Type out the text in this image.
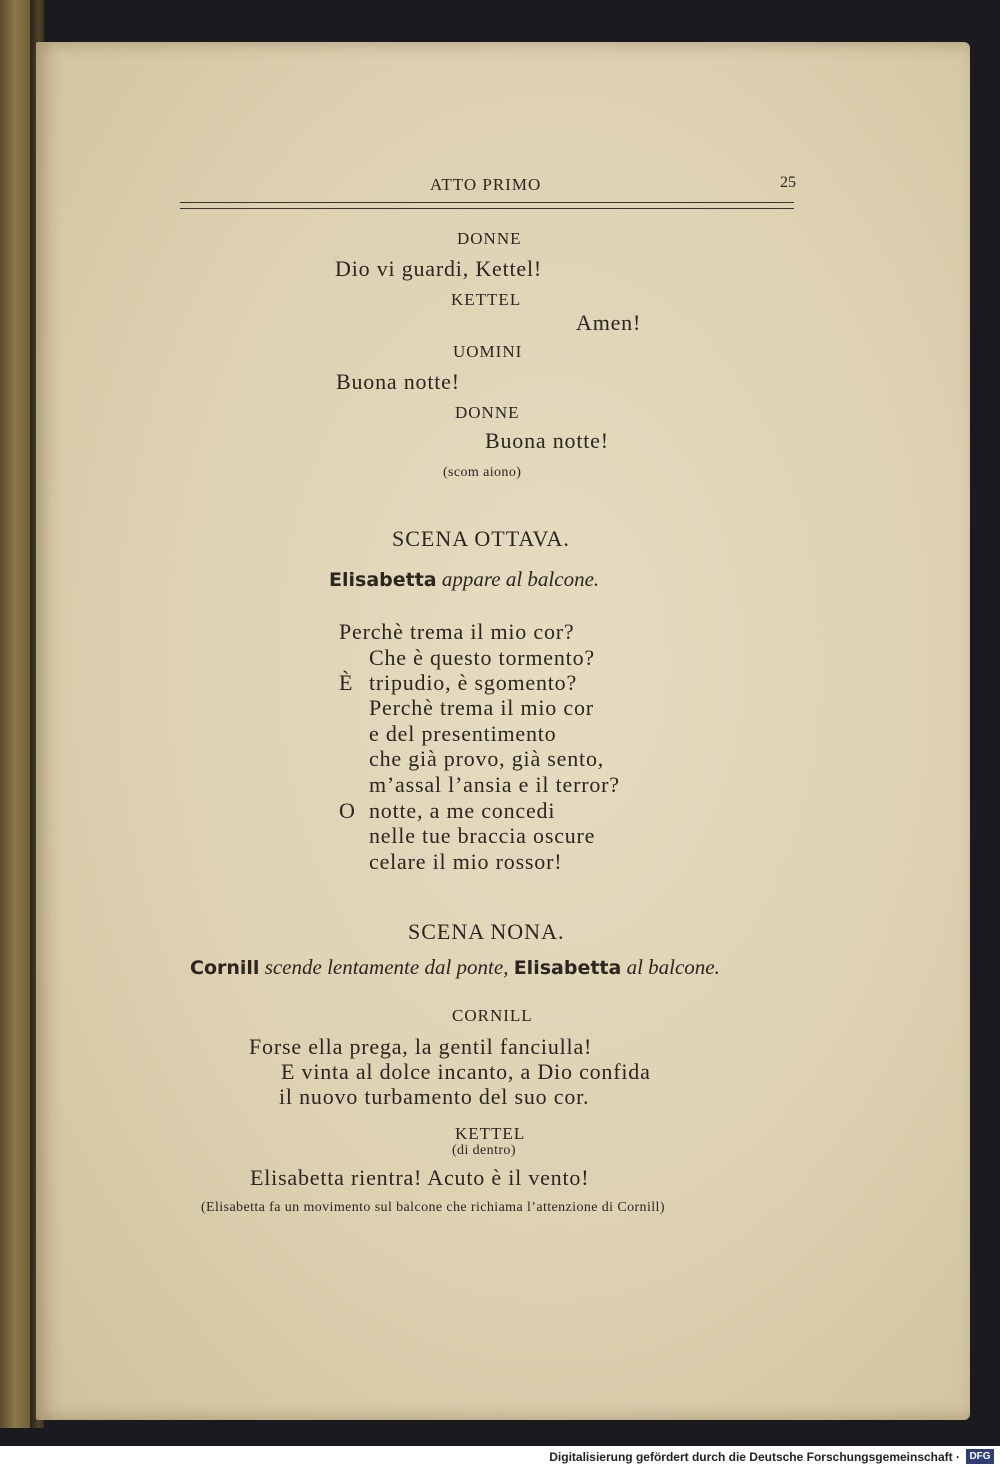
ATTO PRIMO	25
DONNE
Dio vi guardi, Kettel!
KETTEL
Amen!
UOMINI
Buona notte!
DONNE
Buona notte!
(scom aiono)
SCENA OTTAVA.
Elisabetta appare al balcone.
Perchè trema il mio cor?
Che è questo tormento?
È tripudio, è sgomento?
Perchè trema il mio cor
e del presentimento
che già provo, già sento,
m’assal l’ansia e il terror?
O notte, a me concedi
nelle tue braccia oscure
celare il mio rossor!
SCENA NONA.
Cornill scende lentamente dal ponte, Elisabetta al balcone.
CORNILL
Forse ella prega, la gentil fanciulla!
E vinta al dolce incanto, a Dio confida
il nuovo turbamento del suo cor.
KETTEL
(di dentro)
Elisabetta rientra! Acuto è il vento!
(Elisabetta fa un movimento sul balcone che richiama l’attenzione di Cornill)
Digitalisierung gefördert durch die Deutsche Forschungsgemeinschaft · DFG
